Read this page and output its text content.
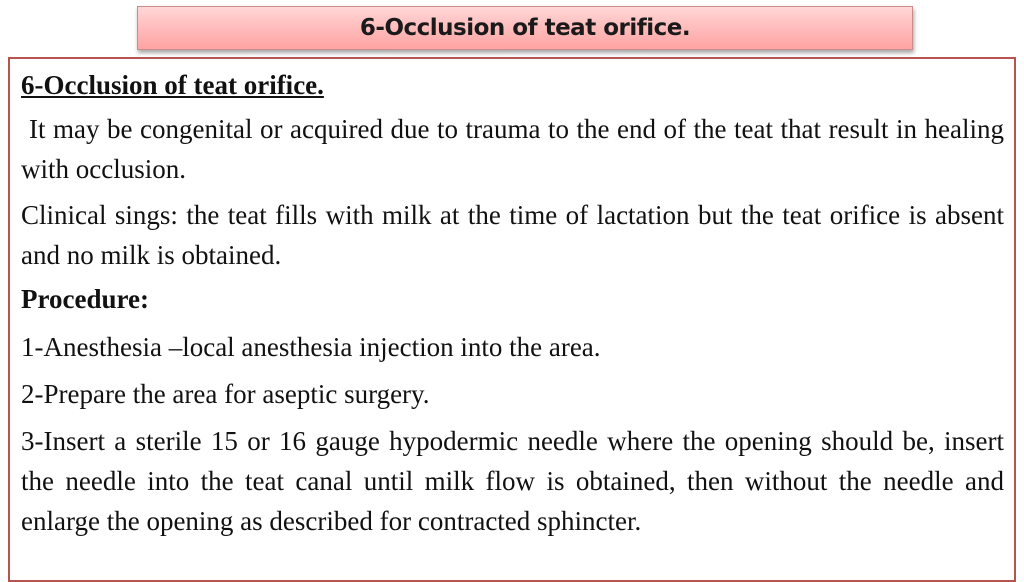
6-Occlusion of teat orifice.
6-Occlusion of teat orifice.

It may be congenital or acquired due to trauma to the end of the teat that result in healing with occlusion.

Clinical sings: the teat fills with milk at the time of lactation but the teat orifice is absent and no milk is obtained.

Procedure:
1-Anesthesia –local anesthesia injection into the area.
2-Prepare the area for aseptic surgery.
3-Insert a sterile 15 or 16 gauge hypodermic needle where the opening should be, insert the needle into the teat canal until milk flow is obtained, then without the needle and enlarge the opening as described for contracted sphincter.
